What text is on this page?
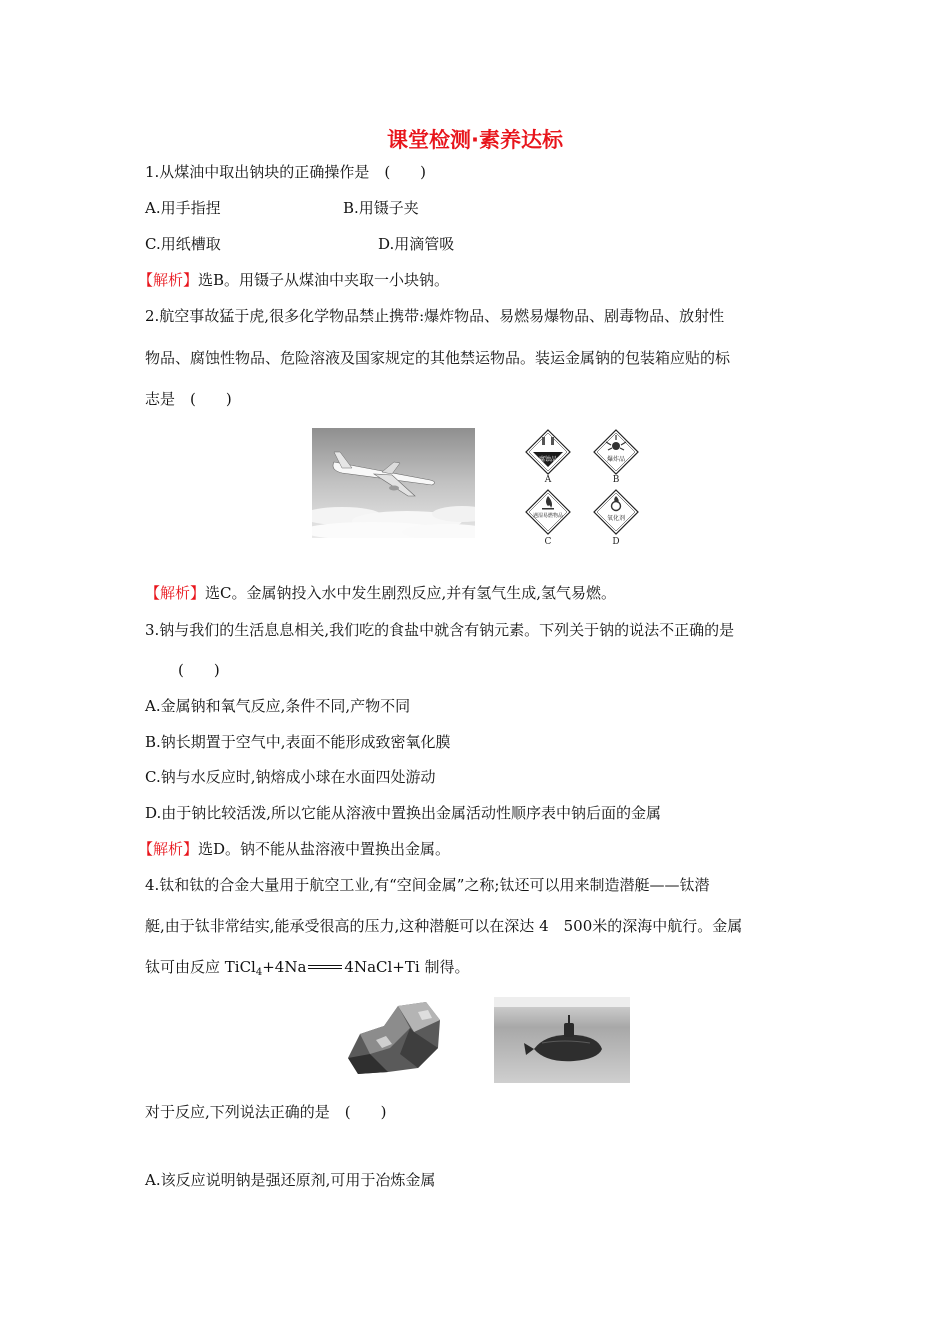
课堂检测·素养达标
1.从煤油中取出钠块的正确操作是　(　　)
A.用手指捏	B.用镊子夹
C.用纸槽取	D.用滴管吸
【解析】选B。用镊子从煤油中夹取一小块钠。
2.航空事故猛于虎,很多化学物品禁止携带:爆炸物品、易燃易爆物品、剧毒物品、放射性
物品、腐蚀性物品、危险溶液及国家规定的其他禁运物品。装运金属钠的包装箱应贴的标
志是　(　　)
腐蚀品
A
爆炸品
B
遇湿易燃物品
C
氧化剂
D
【解析】选C。金属钠投入水中发生剧烈反应,并有氢气生成,氢气易燃。
3.钠与我们的生活息息相关,我们吃的食盐中就含有钠元素。下列关于钠的说法不正确的是
(　　)
A.金属钠和氧气反应,条件不同,产物不同
B.钠长期置于空气中,表面不能形成致密氧化膜
C.钠与水反应时,钠熔成小球在水面四处游动
D.由于钠比较活泼,所以它能从溶液中置换出金属活动性顺序表中钠后面的金属
【解析】选D。钠不能从盐溶液中置换出金属。
4.钛和钛的合金大量用于航空工业,有“空间金属”之称;钛还可以用来制造潜艇——钛潜
艇,由于钛非常结实,能承受很高的压力,这种潜艇可以在深达 4　500米的深海中航行。金属
钛可由反应 TiCl$_4$+4Na	4NaCl+Ti 制得。
对于反应,下列说法正确的是　(　　)
A.该反应说明钠是强还原剂,可用于冶炼金属
